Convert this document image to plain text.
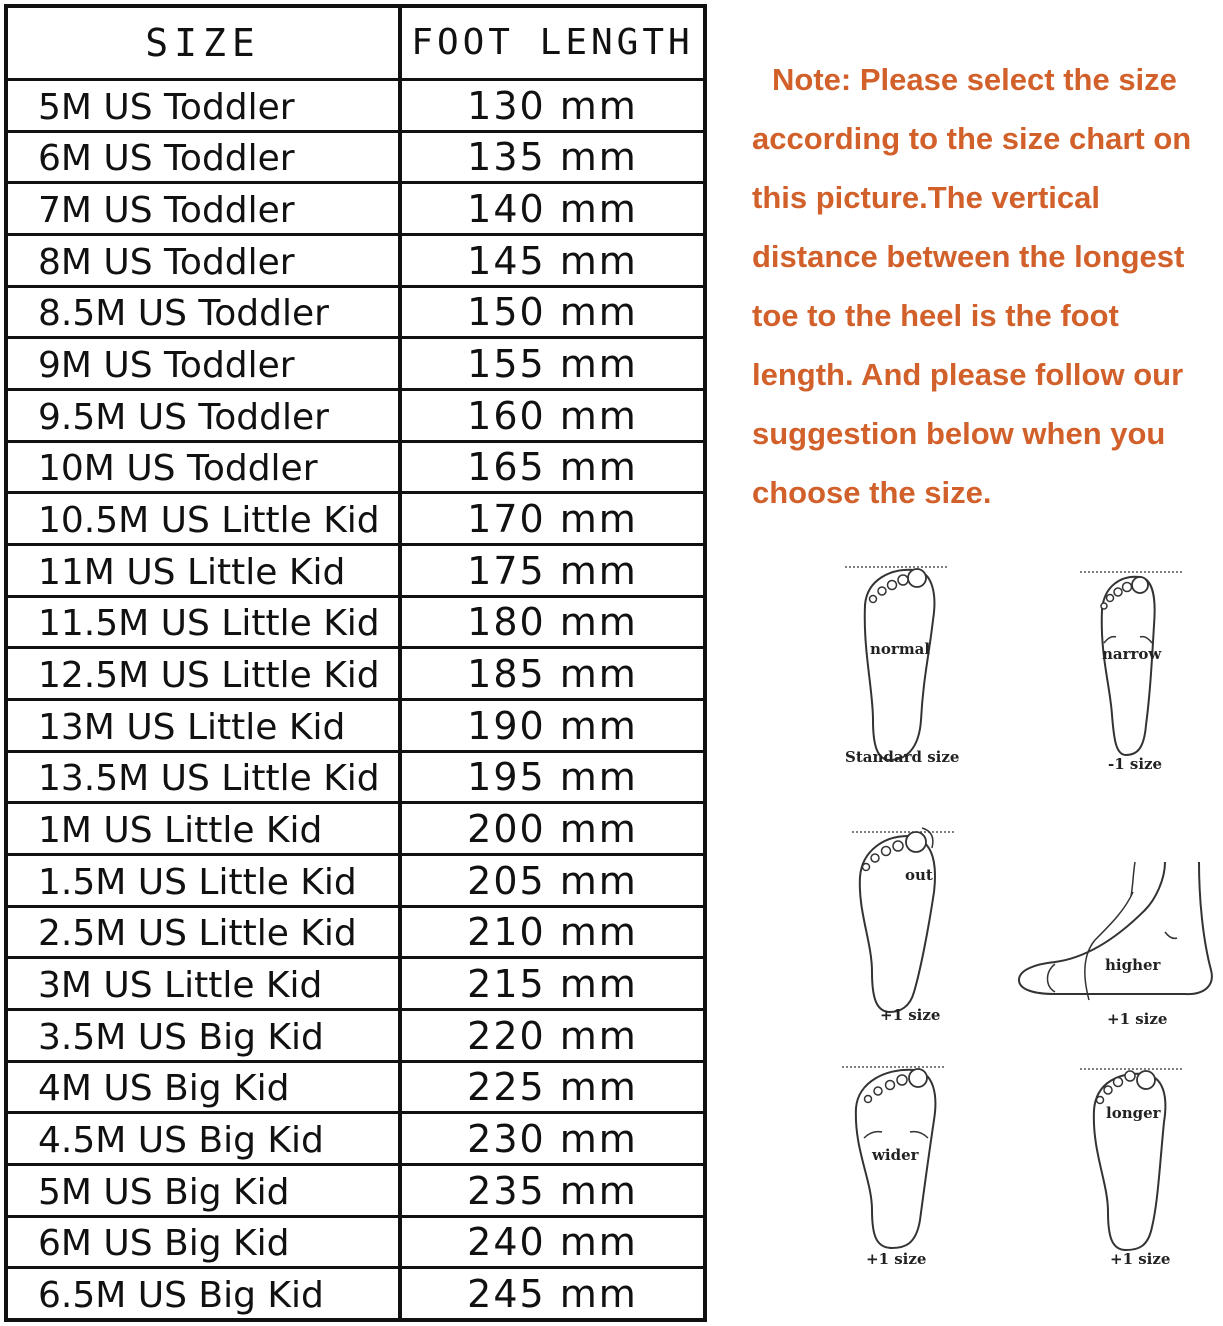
SIZE	FOOT LENGTH
5M US Toddler	130 mm
6M US Toddler	135 mm
7M US Toddler	140 mm
8M US Toddler	145 mm
8.5M US Toddler	150 mm
9M US Toddler	155 mm
9.5M US Toddler	160 mm
10M US Toddler	165 mm
10.5M US Little Kid	170 mm
11M US Little Kid	175 mm
11.5M US Little Kid	180 mm
12.5M US Little Kid	185 mm
13M US Little Kid	190 mm
13.5M US Little Kid	195 mm
1M US Little Kid	200 mm
1.5M US Little Kid	205 mm
2.5M US Little Kid	210 mm
3M US Little Kid	215 mm
3.5M US Big Kid	220 mm
4M US Big Kid	225 mm
4.5M US Big Kid	230 mm
5M US Big Kid	235 mm
6M US Big Kid	240 mm
6.5M US Big Kid	245 mm
Note: Please select the size
according to the size chart on
this picture.The vertical
distance between the longest
toe to the heel is the foot
length. And please follow our
suggestion below when you
choose the size.
normal
Standard size
narrow
-1 size
out
+1 size
higher
+1 size
wider
+1 size
longer
+1 size
